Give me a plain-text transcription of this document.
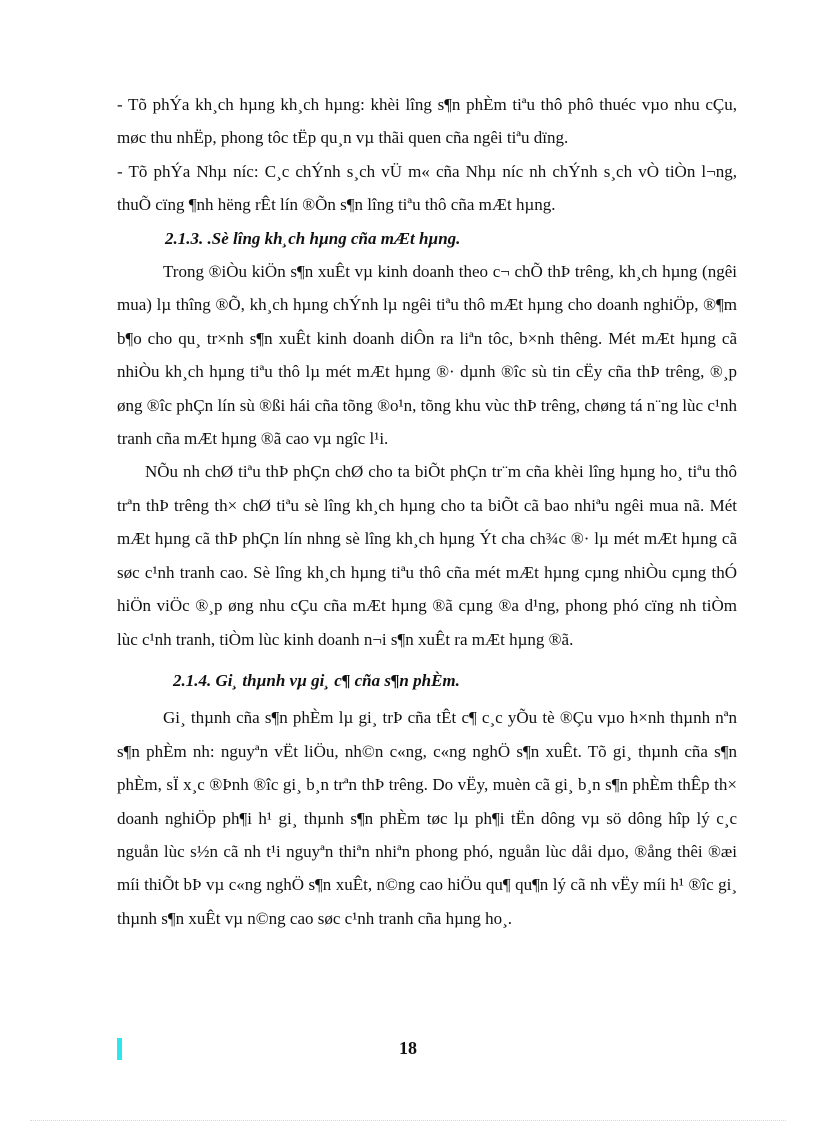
- Tõ phÝa kh¸ch hµng kh¸ch hµng: khèi lîng s¶n phÈm tiªu thô phô thuéc vµo nhu cÇu, møc thu nhËp, phong tôc tËp qu¸n vµ thãi quen cña ngêi tiªu dïng.

- Tõ phÝa Nhµ níc: C¸c chÝnh s¸ch vÜ m« cña Nhµ níc nh chÝnh s¸ch vÒ tiÒn l¬ng, thuÕ cïng ¶nh hëng rÊt lín ®Õn s¶n lîng tiªu thô cña mÆt hµng.

2.1.3. .Sè lîng kh¸ch hµng cña mÆt hµng.

Trong ®iÒu kiÖn s¶n xuÊt vµ kinh doanh theo c¬ chÕ thÞ trêng, kh¸ch hµng (ngêi mua) lµ thîng ®Õ, kh¸ch hµng chÝnh lµ ngêi tiªu thô mÆt hµng cho doanh nghiÖp, ®¶m b¶o cho qu¸ tr×nh s¶n xuÊt kinh doanh diÔn ra liªn tôc, b×nh thêng. Mét mÆt hµng cã nhiÒu kh¸ch hµng tiªu thô lµ mét mÆt hµng ®· dµnh ®îc sù tin cËy cña thÞ trêng, ®¸p øng ®îc phÇn lín sù ®ßi hái cña tõng ®o¹n, tõng khu vùc thÞ trêng, chøng tá n¨ng lùc c¹nh tranh cña mÆt hµng ®ã cao vµ ngîc l¹i.

NÕu nh chØ tiªu thÞ phÇn chØ cho ta biÕt phÇn tr¨m cña khèi lîng hµng ho¸ tiªu thô trªn thÞ trêng th× chØ tiªu sè lîng kh¸ch hµng cho ta biÕt cã bao nhiªu ngêi mua nã. Mét mÆt hµng cã thÞ phÇn lín nhng sè lîng kh¸ch hµng Ýt cha ch¾c ®· lµ mét mÆt hµng cã søc c¹nh tranh cao. Sè lîng kh¸ch hµng tiªu thô cña mét mÆt hµng cµng nhiÒu cµng thÓ hiÖn viÖc ®¸p øng nhu cÇu cña mÆt hµng ®ã cµng ®a d¹ng, phong phó cïng nh tiÒm lùc c¹nh tranh, tiÒm lùc kinh doanh n¬i s¶n xuÊt ra mÆt hµng ®ã.

2.1.4. Gi¸ thµnh vµ gi¸ c¶ cña s¶n phÈm.

Gi¸ thµnh cña s¶n phÈm lµ gi¸ trÞ cña tÊt c¶ c¸c yÕu tè ®Çu vµo h×nh thµnh nªn s¶n phÈm nh: nguyªn vËt liÖu, nh©n c«ng, c«ng nghÖ s¶n xuÊt. Tõ gi¸ thµnh cña s¶n phÈm, sÏ x¸c ®Þnh ®îc gi¸ b¸n trªn thÞ trêng. Do vËy, muèn cã gi¸ b¸n s¶n phÈm thÊp th× doanh nghiÖp ph¶i h¹ gi¸ thµnh s¶n phÈm tøc lµ ph¶i tËn dông vµ sö dông hîp lý c¸c nguån lùc s½n cã nh t¹i nguyªn thiªn nhiªn phong phó, nguån lùc dåi dµo, ®ång thêi ®æi míi thiÕt bÞ vµ c«ng nghÖ s¶n xuÊt, n©ng cao hiÖu qu¶ qu¶n lý cã nh vËy míi h¹ ®îc gi¸ thµnh s¶n xuÊt vµ n©ng cao søc c¹nh tranh cña hµng ho¸.

18
